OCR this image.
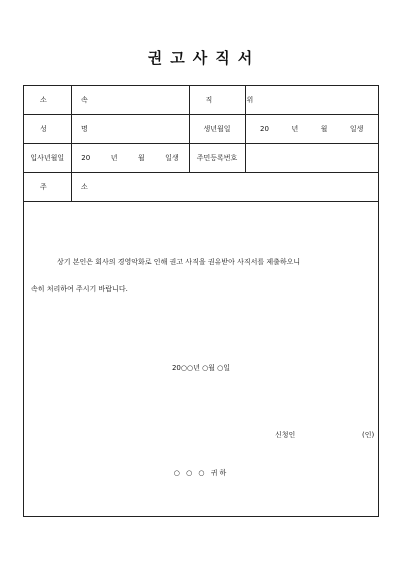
권고사직서
소 속		직 위	
성 명		생년월일	20 년 월 일생
입사년월일	20 년 월 일생	주민등록번호	
주 소			
상기 본인은 회사의 경영악화로 인해 권고 사직을 권유받아 사직서를 제출하오니
속히 처리하여 주시기 바랍니다.
20○○년 ○월 ○일
신청인	(인)
○ ○ ○ 귀하
